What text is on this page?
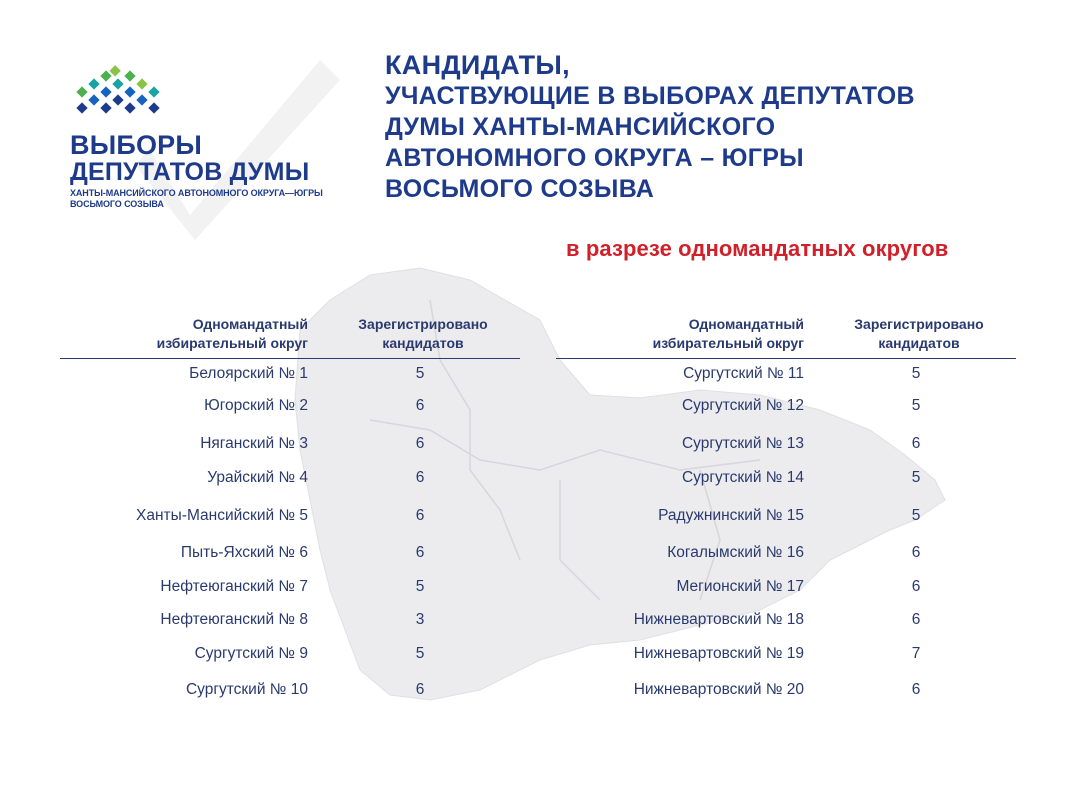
ВЫБОРЫ
ДЕПУТАТОВ ДУМЫ
ХАНТЫ-МАНСИЙСКОГО АВТОНОМНОГО ОКРУГА—ЮГРЫ
ВОСЬМОГО СОЗЫВА
КАНДИДАТЫ,
УЧАСТВУЮЩИЕ В ВЫБОРАХ ДЕПУТАТОВ
ДУМЫ ХАНТЫ-МАНСИЙСКОГО
АВТОНОМНОГО ОКРУГА – ЮГРЫ
ВОСЬМОГО СОЗЫВА
в разрезе одномандатных округов
Одномандатный
избирательный округ
Зарегистрировано
кандидатов
Белоярский № 1	5
Югорский № 2	6
Няганский № 3	6
Урайский № 4	6
Ханты-Мансийский № 5	6
Пыть-Яхский № 6	6
Нефтеюганский № 7	5
Нефтеюганский № 8	3
Сургутский № 9	5
Сургутский № 10	6
Одномандатный
избирательный округ
Зарегистрировано
кандидатов
Сургутский № 11	5
Сургутский № 12	5
Сургутский № 13	6
Сургутский № 14	5
Радужнинский № 15	5
Когалымский № 16	6
Мегионский № 17	6
Нижневартовский № 18	6
Нижневартовский № 19	7
Нижневартовский № 20	6
